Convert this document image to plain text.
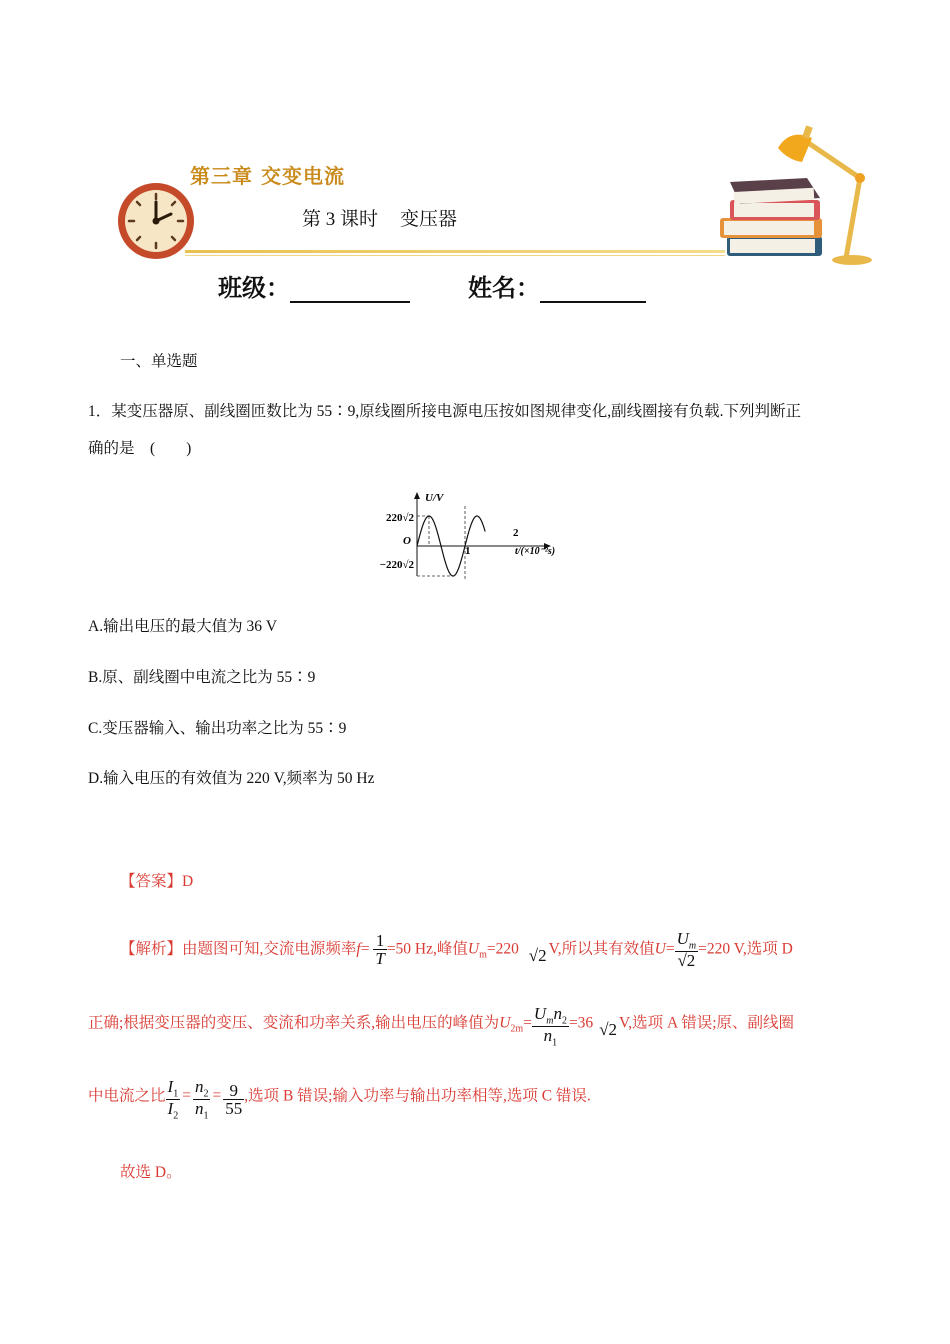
第三章 交变电流
第 3 课时 变压器
班级：	姓名：
一、单选题
1．某变压器原、副线圈匝数比为 55∶9,原线圈所接电源电压按如图规律变化,副线圈接有负载.下列判断正
确的是　(　　)
U/V
220√2
−220√2
O
1
2
t/(×10⁻²s)
A.输出电压的最大值为 36 V
B.原、副线圈中电流之比为 55∶9
C.变压器输入、输出功率之比为 55∶9
D.输入电压的有效值为 220 V,频率为 50 Hz
【答案】D
【解析】由题图可知,交流电源频率$f= \frac{1}{T} =50$ Hz,峰值$U_m=220$ √2 V,所以其有效值$U= \frac{U_m}{√2} =220$ V,选项 D
正确;根据变压器的变压、变流和功率关系,输出电压的峰值为$U_{2m}= \frac{U_mn_2}{n_1} =36$ √2 V,选项 A 错误;原、副线圈
中电流之比 $\frac{I_1}{I_2} = \frac{n_2}{n_1} = \frac{9}{55}$ ,选项 B 错误;输入功率与输出功率相等,选项 C 错误.
故选 D。
